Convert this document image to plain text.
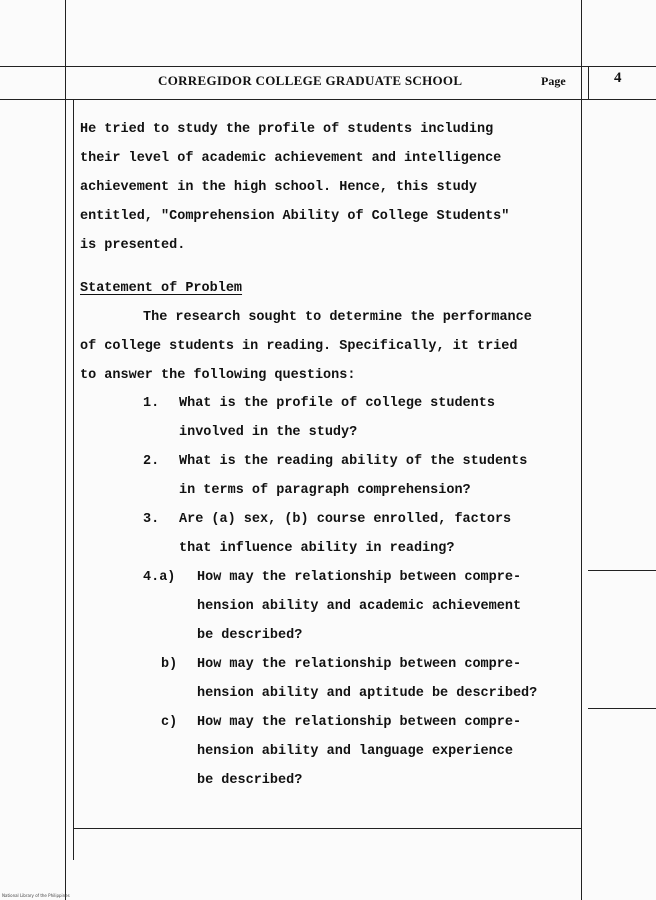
CORREGIDOR COLLEGE GRADUATE SCHOOL	Page	4
He tried to study the profile of students including
their level of academic achievement and intelligence
achievement in the high school. Hence, this study
entitled, "Comprehension Ability of College Students"
is presented.
Statement of Problem
The research sought to determine the performance
of college students in reading. Specifically, it tried
to answer the following questions:
1. What is the profile of college students
involved in the study?
2. What is the reading ability of the students
in terms of paragraph comprehension?
3. Are (a) sex, (b) course enrolled, factors
that influence ability in reading?
4.a) How may the relationship between compre-
hension ability and academic achievement
be described?
b) How may the relationship between compre-
hension ability and aptitude be described?
c) How may the relationship between compre-
hension ability and language experience
be described?
National Library of the Philippines
